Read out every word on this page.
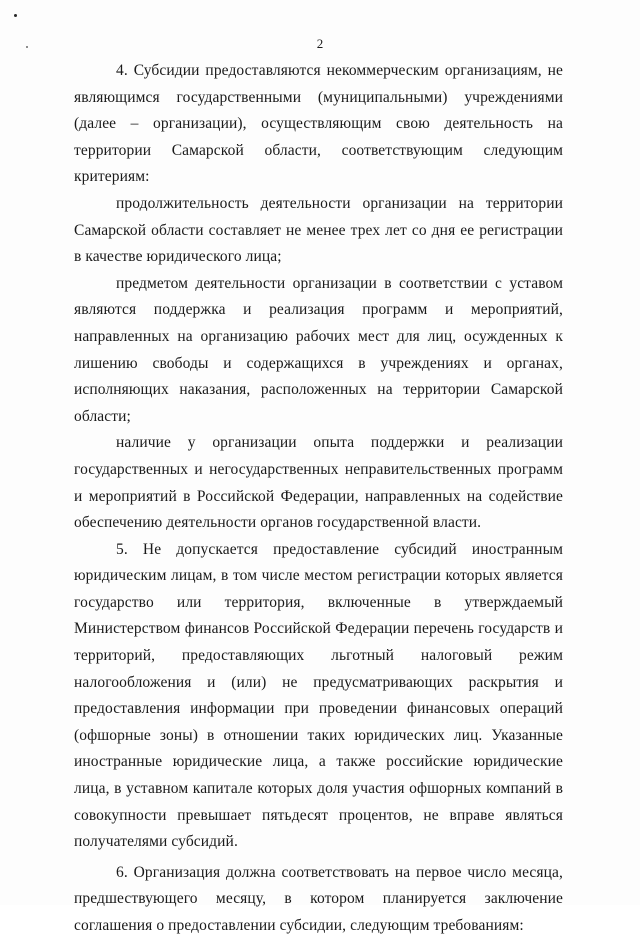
2

4. Субсидии предоставляются некоммерческим организациям, не являющимся государственными (муниципальными) учреждениями (далее – организации), осуществляющим свою деятельность на территории Самарской области, соответствующим следующим критериям:

продолжительность деятельности организации на территории Самарской области составляет не менее трех лет со дня ее регистрации в качестве юридического лица;

предметом деятельности организации в соответствии с уставом являются поддержка и реализация программ и мероприятий, направленных на организацию рабочих мест для лиц, осужденных к лишению свободы и содержащихся в учреждениях и органах, исполняющих наказания, расположенных на территории Самарской области;

наличие у организации опыта поддержки и реализации государственных и негосударственных неправительственных программ и мероприятий в Российской Федерации, направленных на содействие обеспечению деятельности органов государственной власти.

5. Не допускается предоставление субсидий иностранным юридическим лицам, в том числе местом регистрации которых является государство или территория, включенные в утверждаемый Министерством финансов Российской Федерации перечень государств и территорий, предоставляющих льготный налоговый режим налогообложения и (или) не предусматривающих раскрытия и предоставления информации при проведении финансовых операций (офшорные зоны) в отношении таких юридических лиц. Указанные иностранные юридические лица, а также российские юридические лица, в уставном капитале которых доля участия офшорных компаний в совокупности превышает пятьдесят процентов, не вправе являться получателями субсидий.

6. Организация должна соответствовать на первое число месяца, предшествующего месяцу, в котором планируется заключение соглашения о предоставлении субсидии, следующим требованиям:
